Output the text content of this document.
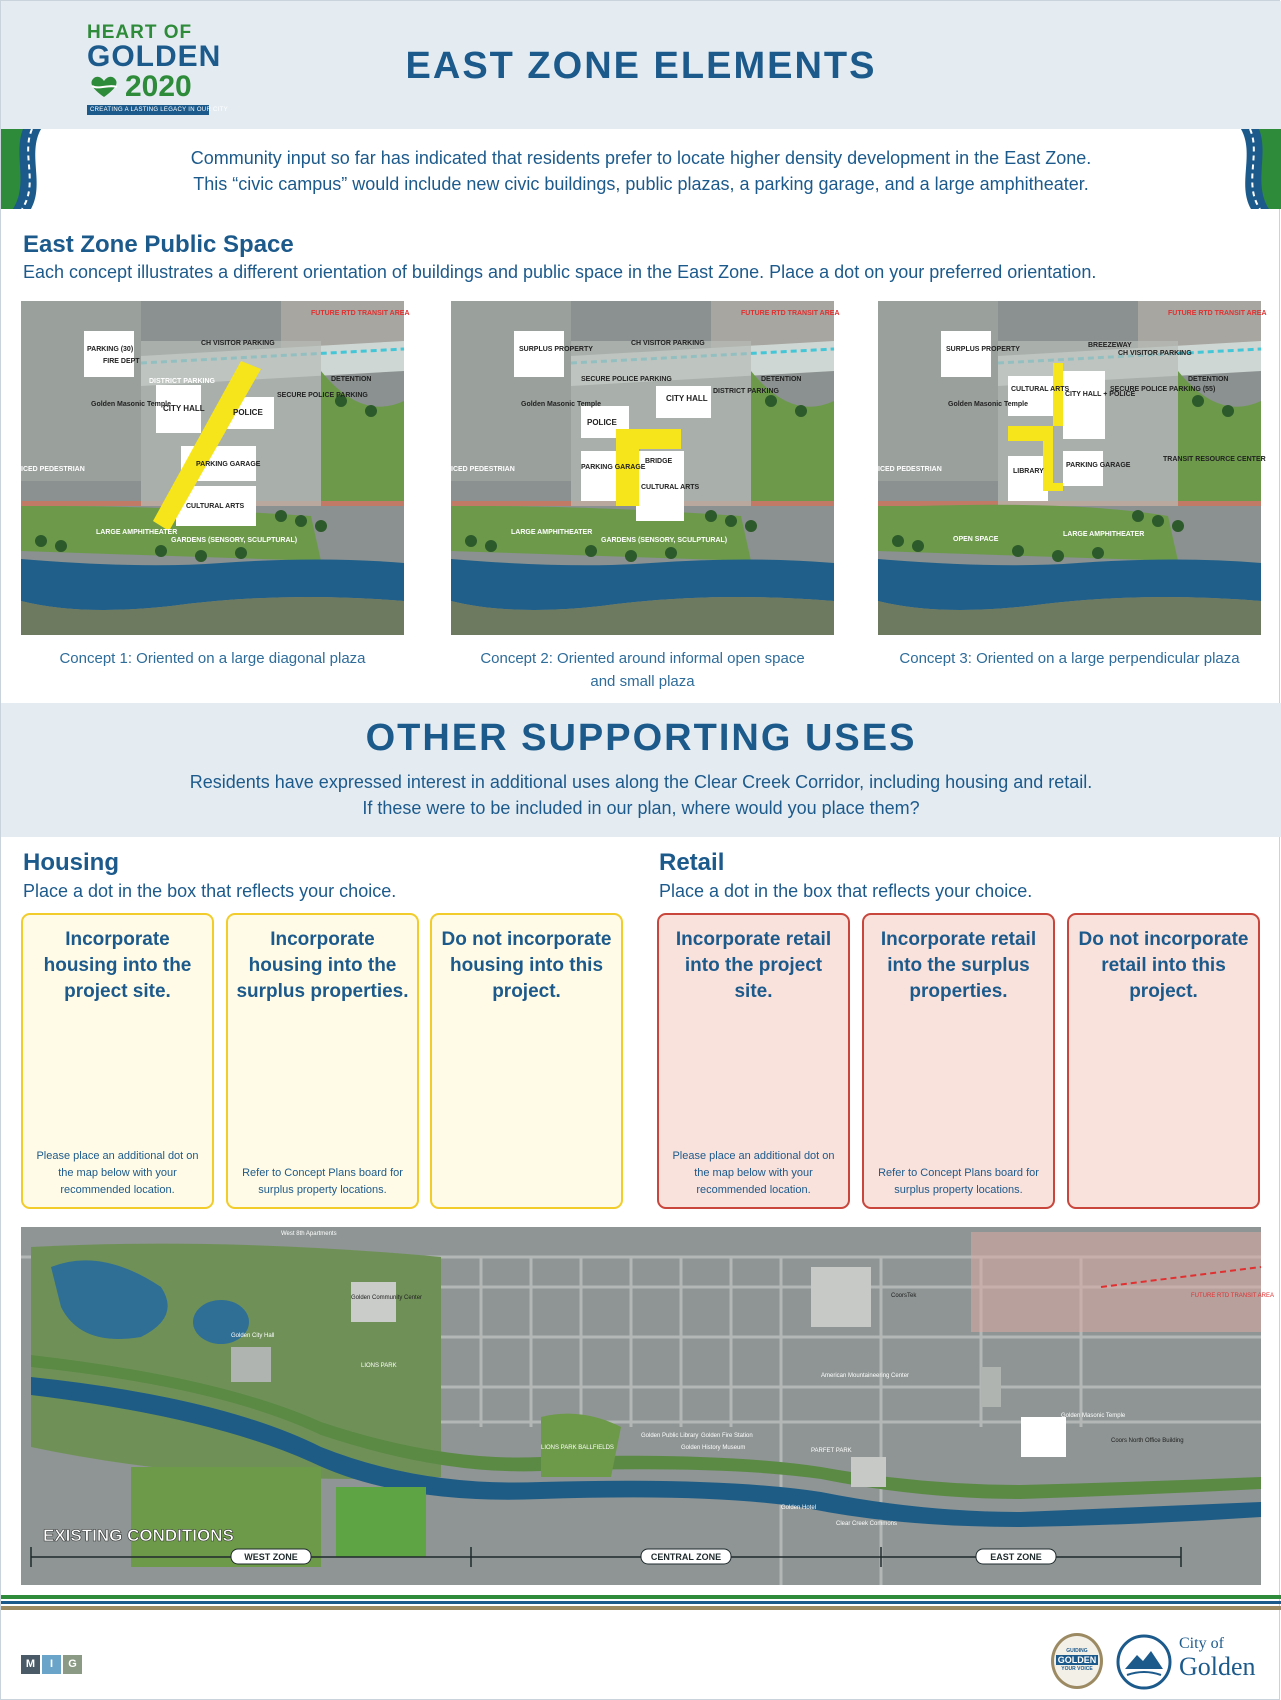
HEART OF
GOLDEN
2020
CREATING A LASTING LEGACY IN OUR CITY
EAST ZONE ELEMENTS
Community input so far has indicated that residents prefer to locate higher density development in the East Zone.
This “civic campus” would include new civic buildings, public plazas, a parking garage, and a large amphitheater.
East Zone Public Space
Each concept illustrates a different orientation of buildings and public space in the East Zone. Place a dot on your preferred orientation.
PARKING (30)
FIRE DEPT
CH VISITOR PARKING
FUTURE RTD TRANSIT AREA
DISTRICT PARKING
CITY HALL	POLICE
SECURE POLICE PARKING
DETENTION
Golden Masonic Temple
ICED PEDESTRIAN
PARKING GARAGE
CULTURAL ARTS
LARGE AMPHITHEATER
GARDENS (SENSORY, SCULPTURAL)
Concept 1: Oriented on a large diagonal plaza
SURPLUS PROPERTY
CH VISITOR PARKING
FUTURE RTD TRANSIT AREA
SECURE POLICE PARKING
CITY HALL
DISTRICT PARKING
DETENTION
POLICE
Golden Masonic Temple
ICED PEDESTRIAN	PARKING GARAGE
BRIDGE
CULTURAL ARTS
LARGE AMPHITHEATER
GARDENS (SENSORY, SCULPTURAL)
Concept 2: Oriented around informal open space
and small plaza
SURPLUS PROPERTY
BREEZEWAY
CH VISITOR PARKING
FUTURE RTD TRANSIT AREA
CULTURAL ARTS
CITY HALL + POLICE
SECURE POLICE PARKING (55)
DETENTION
Golden Masonic Temple
ICED PEDESTRIAN	LIBRARY
PARKING GARAGE
TRANSIT RESOURCE CENTER
OPEN SPACE
LARGE AMPHITHEATER
Concept 3: Oriented on a large perpendicular plaza
OTHER SUPPORTING USES
Residents have expressed interest in additional uses along the Clear Creek Corridor, including housing and retail.
If these were to be included in our plan, where would you place them?
Housing
Place a dot in the box that reflects your choice.
Incorporate housing into the project site.
Please place an additional dot on the map below with your recommended location.
Incorporate housing into the surplus properties.
Refer to Concept Plans board for surplus property locations.
Do not incorporate housing into this project.
Retail
Place a dot in the box that reflects your choice.
Incorporate retail into the project site.
Please place an additional dot on the map below with your recommended location.
Incorporate retail into the surplus properties.
Refer to Concept Plans board for surplus property locations.
Do not incorporate retail into this project.
WEST ZONE	CENTRAL ZONE	EAST ZONE
EXISTING CONDITIONS
West 8th Apartments
Golden Community Center
Golden City Hall
LIONS PARK
LIONS PARK BALLFIELDS
Golden Public Library Golden Fire Station
Golden History Museum
American Mountaineering Center
CoorsTek
PARFET PARK
Golden Hotel
Clear Creek Commons
Golden Masonic Temple
Coors North Office Building
FUTURE RTD TRANSIT AREA
M	I	G
GUIDING
GOLDEN
YOUR VOICE
City of
Golden
